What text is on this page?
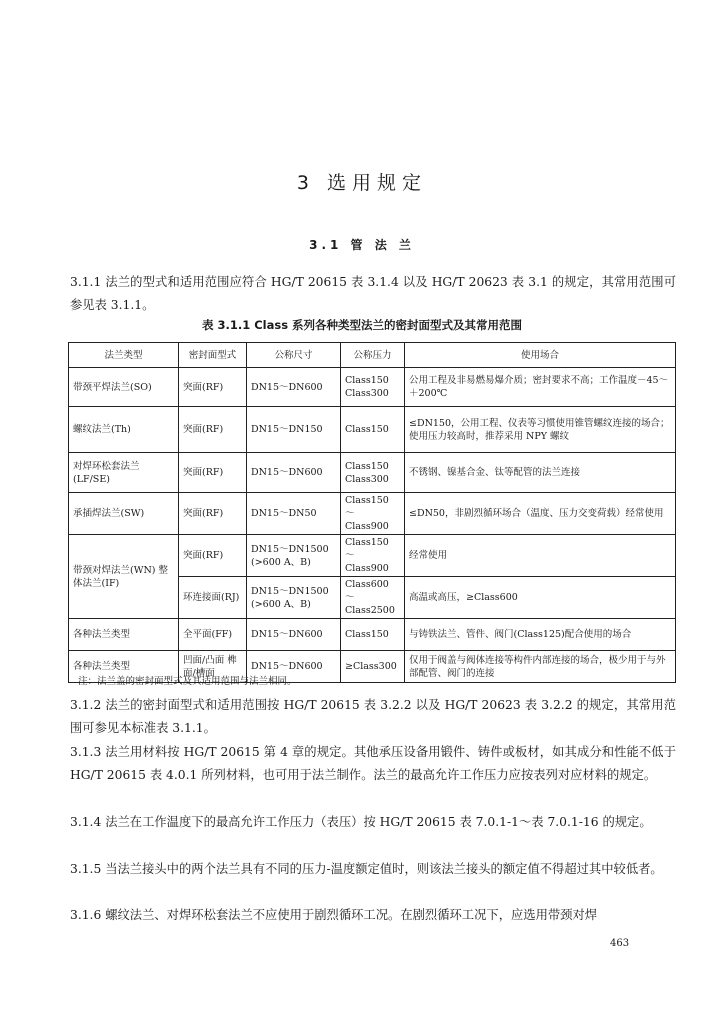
3 选用规定
3.1 管 法 兰
3.1.1 法兰的型式和适用范围应符合 HG/T 20615 表 3.1.4 以及 HG/T 20623 表 3.1 的规定，其常用范围可参见表 3.1.1。
表 3.1.1 Class 系列各种类型法兰的密封面型式及其常用范围
法兰类型	密封面型式	公称尺寸	公称压力	使用场合
带颈平焊法兰(SO)	突面(RF)	DN15～DN600	Class150 Class300	公用工程及非易燃易爆介质；密封要求不高；工作温度－45～＋200℃
螺纹法兰(Th)	突面(RF)	DN15～DN150	Class150	≤DN150，公用工程、仪表等习惯使用锥管螺纹连接的场合；使用压力较高时，推荐采用 NPY 螺纹
对焊环松套法兰(LF/SE)	突面(RF)	DN15～DN600	Class150 Class300	不锈钢、镍基合金、钛等配管的法兰连接
承插焊法兰(SW)	突面(RF)	DN15～DN50	Class150 ～ Class900	≤DN50，非剧烈循环场合（温度、压力交变荷载）经常使用
带颈对焊法兰(WN) 整体法兰(IF)	突面(RF)	DN15～DN1500 (>600 A、B)	Class150 ～ Class900	经常使用
	环连接面(RJ)	DN15～DN1500 (>600 A、B)	Class600 ～ Class2500	高温或高压，≥Class600
各种法兰类型	全平面(FF)	DN15～DN600	Class150	与铸铁法兰、管件、阀门(Class125)配合使用的场合
各种法兰类型	凹面/凸面 榫面/槽面	DN15～DN600	≥Class300	仅用于阀盖与阀体连接等构件内部连接的场合，极少用于与外部配管、阀门的连接
注：法兰盖的密封面型式及其适用范围与法兰相同。
3.1.2 法兰的密封面型式和适用范围按 HG/T 20615 表 3.2.2 以及 HG/T 20623 表 3.2.2 的规定，其常用范围可参见本标准表 3.1.1。
3.1.3 法兰用材料按 HG/T 20615 第 4 章的规定。其他承压设备用锻件、铸件或板材，如其成分和性能不低于 HG/T 20615 表 4.0.1 所列材料，也可用于法兰制作。法兰的最高允许工作压力应按表列对应材料的规定。
3.1.4 法兰在工作温度下的最高允许工作压力（表压）按 HG/T 20615 表 7.0.1-1～表 7.0.1-16 的规定。
3.1.5 当法兰接头中的两个法兰具有不同的压力-温度额定值时，则该法兰接头的额定值不得超过其中较低者。
3.1.6 螺纹法兰、对焊环松套法兰不应使用于剧烈循环工况。在剧烈循环工况下，应选用带颈对焊
463
